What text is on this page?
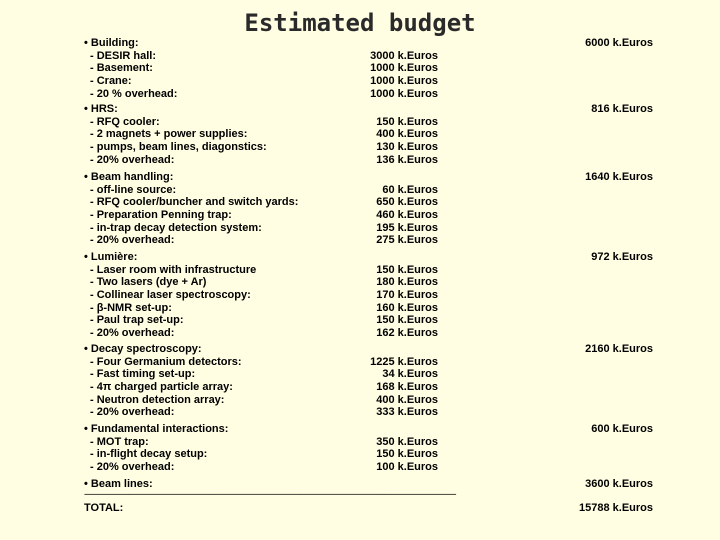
Estimated budget
• Building:	6000 k.Euros
- DESIR hall:	3000 k.Euros
- Basement:	1000 k.Euros
- Crane:	1000 k.Euros
- 20 % overhead:	1000 k.Euros
• HRS:	816 k.Euros
- RFQ cooler:	150 k.Euros
- 2 magnets + power supplies:	400 k.Euros
- pumps, beam lines, diagonstics:	130 k.Euros
- 20% overhead:	136 k.Euros
• Beam handling:	1640 k.Euros
- off-line source:	60 k.Euros
- RFQ cooler/buncher and switch yards:	650 k.Euros
- Preparation Penning trap:	460 k.Euros
- in-trap decay detection system:	195 k.Euros
- 20% overhead:	275 k.Euros
• Lumière:	972 k.Euros
- Laser room with infrastructure	150 k.Euros
- Two lasers (dye + Ar)	180 k.Euros
- Collinear laser spectroscopy:	170 k.Euros
- β-NMR set-up:	160 k.Euros
- Paul trap set-up:	150 k.Euros
- 20% overhead:	162 k.Euros
• Decay spectroscopy:	2160 k.Euros
- Four Germanium detectors:	1225 k.Euros
- Fast timing set-up:	34 k.Euros
- 4π charged particle array:	168 k.Euros
- Neutron detection array:	400 k.Euros
- 20% overhead:	333 k.Euros
• Fundamental interactions:	600 k.Euros
- MOT trap:	350 k.Euros
- in-flight decay setup:	150 k.Euros
- 20% overhead:	100 k.Euros
• Beam lines:	3600 k.Euros
------------------------------------------------------------------------------------------------------------------------------------------------------------------------------------------
TOTAL:	15788 k.Euros
